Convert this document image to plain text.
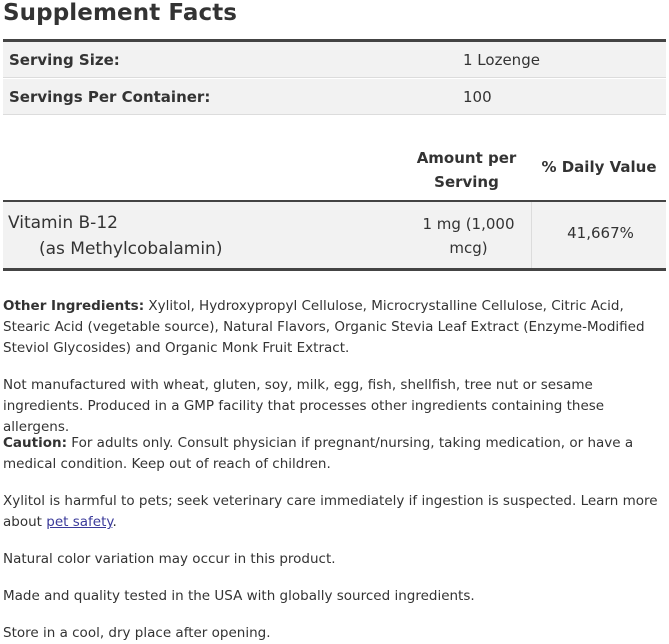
Supplement Facts
Serving Size:	1 Lozenge
Servings Per Container:	100
Amount per Serving
% Daily Value
Vitamin B-12
(as Methylcobalamin)
1 mg (1,000 mcg)
41,667%

Other Ingredients: Xylitol, Hydroxypropyl Cellulose, Microcrystalline Cellulose, Citric Acid, Stearic Acid (vegetable source), Natural Flavors, Organic Stevia Leaf Extract (Enzyme-Modified Steviol Glycosides) and Organic Monk Fruit Extract.

Not manufactured with wheat, gluten, soy, milk, egg, fish, shellfish, tree nut or sesame ingredients. Produced in a GMP facility that processes other ingredients containing these allergens.

Caution: For adults only. Consult physician if pregnant/nursing, taking medication, or have a medical condition. Keep out of reach of children.

Xylitol is harmful to pets; seek veterinary care immediately if ingestion is suspected. Learn more about pet safety.

Natural color variation may occur in this product.

Made and quality tested in the USA with globally sourced ingredients.

Store in a cool, dry place after opening.
